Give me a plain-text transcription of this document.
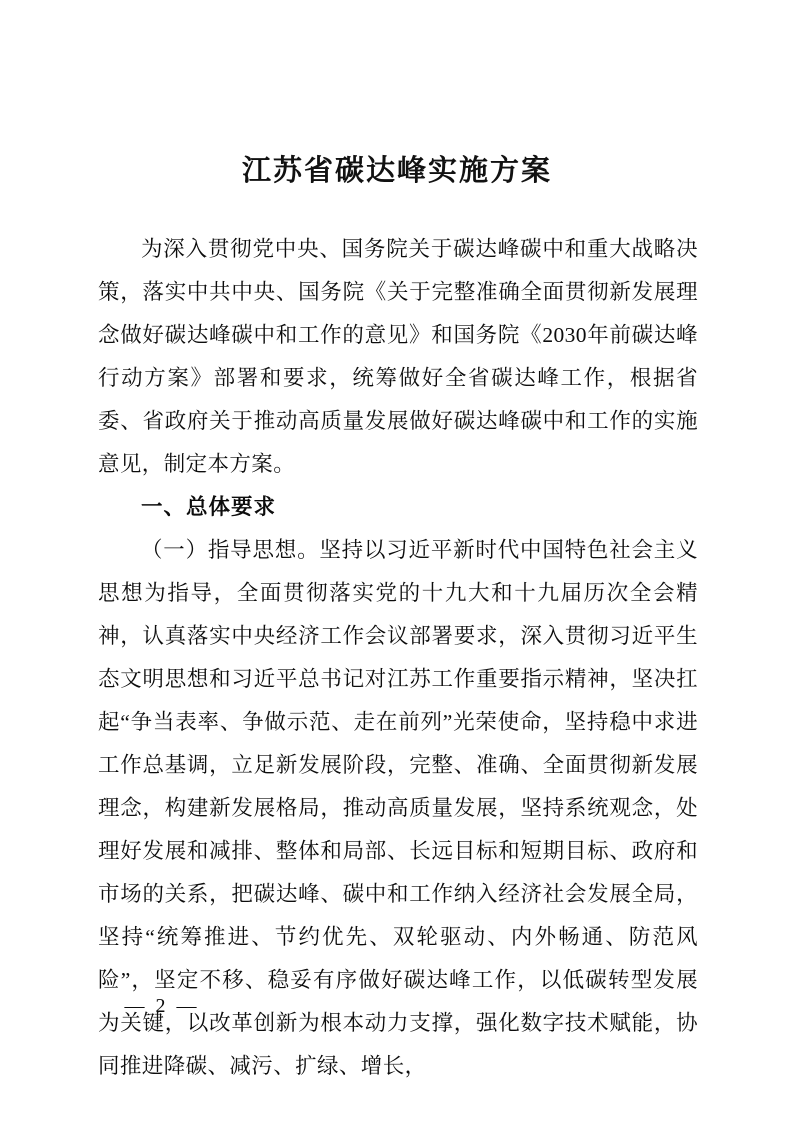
江苏省碳达峰实施方案

为深入贯彻党中央、国务院关于碳达峰碳中和重大战略决策，落实中共中央、国务院《关于完整准确全面贯彻新发展理念做好碳达峰碳中和工作的意见》和国务院《2030年前碳达峰行动方案》部署和要求，统筹做好全省碳达峰工作，根据省委、省政府关于推动高质量发展做好碳达峰碳中和工作的实施意见，制定本方案。

一、总体要求

（一）指导思想。坚持以习近平新时代中国特色社会主义思想为指导，全面贯彻落实党的十九大和十九届历次全会精神，认真落实中央经济工作会议部署要求，深入贯彻习近平生态文明思想和习近平总书记对江苏工作重要指示精神，坚决扛起“争当表率、争做示范、走在前列”光荣使命，坚持稳中求进工作总基调，立足新发展阶段，完整、准确、全面贯彻新发展理念，构建新发展格局，推动高质量发展，坚持系统观念，处理好发展和减排、整体和局部、长远目标和短期目标、政府和市场的关系，把碳达峰、碳中和工作纳入经济社会发展全局，坚持“统筹推进、节约优先、双轮驱动、内外畅通、防范风险”，坚定不移、稳妥有序做好碳达峰工作，以低碳转型发展为关键，以改革创新为根本动力支撑，强化数字技术赋能，协同推进降碳、减污、扩绿、增长，

— 2 —
